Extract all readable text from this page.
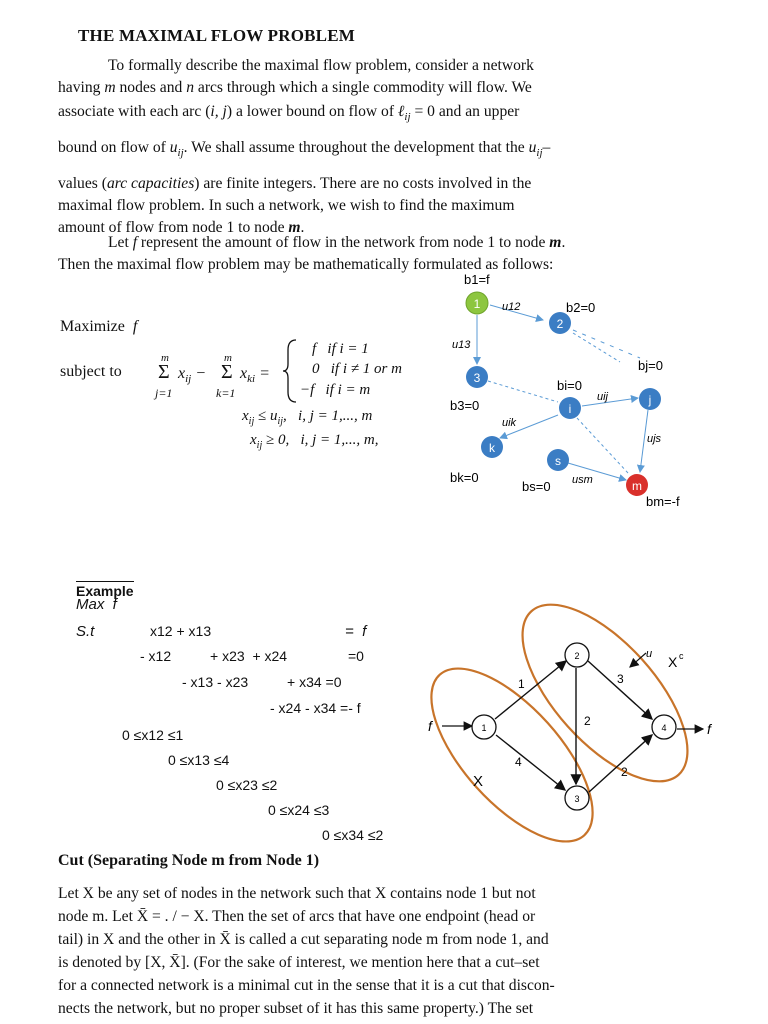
THE MAXIMAL FLOW PROBLEM

To formally describe the maximal flow problem, consider a network

having m nodes and n arcs through which a single commodity will flow. We

associate with each arc (i, j) a lower bound on flow of ℓ$_{ij}$ = 0 and an upper

bound on flow of $u_{ij}$. We shall assume throughout the development that the $u_{ij}-$

values (arc capacities) are finite integers. There are no costs involved in the

maximal flow problem. In such a network, we wish to find the maximum

amount of flow from node 1 to node m.

Let f represent the amount of flow in the network from node 1 to node m.

Then the maximal flow problem may be mathematically formulated as follows:

Maximize f
subject to
m
Σ $x_{ij}$ −
j=1
m
Σ $x_{ki}$ =
k=1
f   if i = 1
0   if i ≠ 1 or m
−f   if i = m
$x_{ij} \le u_{ij}$,   i, j = 1,..., m
$x_{ij} \ge 0$,   i, j = 1,..., m,
1
2
3
i
j
k
s
m
b1=f
b2=0
b3=0
bi=0
bj=0
bk=0
bs=0
bm=-f
u12
u13
uik
uij
ujs
usm
Example
Max  f
S.t	x12 + x13	=  f
- x12          + x23  + x24	=0
- x13 - x23          + x34 =0
- x24 - x34 =- f
0 ≤x12 ≤1
0 ≤x13 ≤4
0 ≤x23 ≤2
0 ≤x24 ≤3
0 ≤x34 ≤2
1
2
3
4
f	f
1
4
2
3
2
X
X c
u
Cut (Separating Node m from Node 1)

Let X be any set of nodes in the network such that X contains node 1 but not

node m. Let X̄ = . / − X. Then the set of arcs that have one endpoint (head or

tail) in X and the other in X̄ is called a cut separating node m from node 1, and

is denoted by [X, X̄]. (For the sake of interest, we mention here that a cut–set

for a connected network is a minimal cut in the sense that it is a cut that discon-

nects the network, but no proper subset of it has this same property.) The set
